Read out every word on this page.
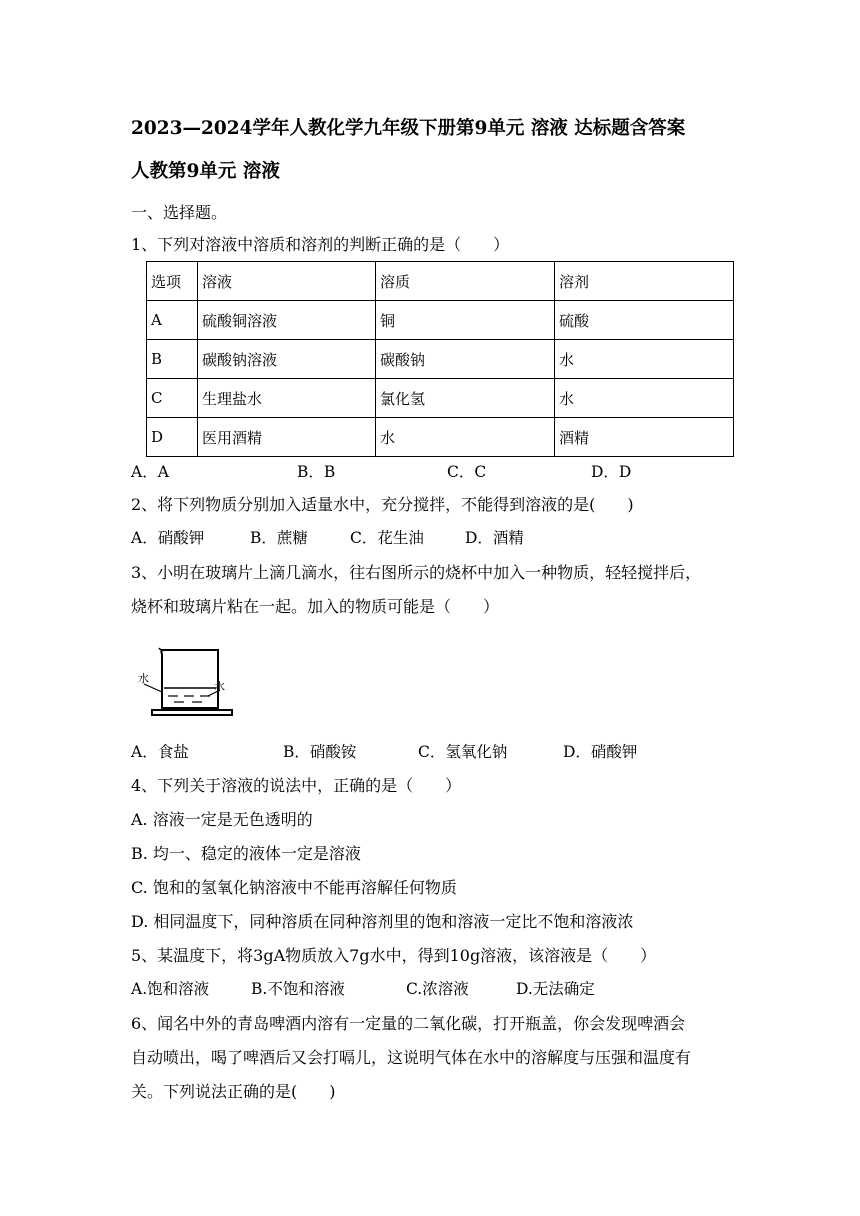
2023—2024学年人教化学九年级下册第9单元 溶液 达标题含答案
人教第9单元 溶液
一、选择题。
1、下列对溶液中溶质和溶剂的判断正确的是（　　）
选项	溶液	溶质	溶剂
A	硫酸铜溶液	铜	硫酸
B	碳酸钠溶液	碳酸钠	水
C	生理盐水	氯化氢	水
D	医用酒精	水	酒精
A．A	B．B	C．C	D．D
2、将下列物质分别加入适量水中，充分搅拌，不能得到溶液的是(　　)
A．硝酸钾	B．蔗糖	C．花生油	D．酒精
3、小明在玻璃片上滴几滴水，往右图所示的烧杯中加入一种物质，轻轻搅拌后，
烧杯和玻璃片粘在一起。加入的物质可能是（　　）
水
水
A．食盐	B．硝酸铵	C．氢氧化钠	D．硝酸钾
4、下列关于溶液的说法中，正确的是（　　）
A. 溶液一定是无色透明的
B. 均一、稳定的液体一定是溶液
C. 饱和的氢氧化钠溶液中不能再溶解任何物质
D. 相同温度下，同种溶质在同种溶剂里的饱和溶液一定比不饱和溶液浓
5、某温度下，将3gA物质放入7g水中，得到10g溶液，该溶液是（　　）
A.饱和溶液	B.不饱和溶液	C.浓溶液	D.无法确定
6、闻名中外的青岛啤酒内溶有一定量的二氧化碳，打开瓶盖，你会发现啤酒会
自动喷出，喝了啤酒后又会打嗝儿，这说明气体在水中的溶解度与压强和温度有
关。下列说法正确的是(　　)
